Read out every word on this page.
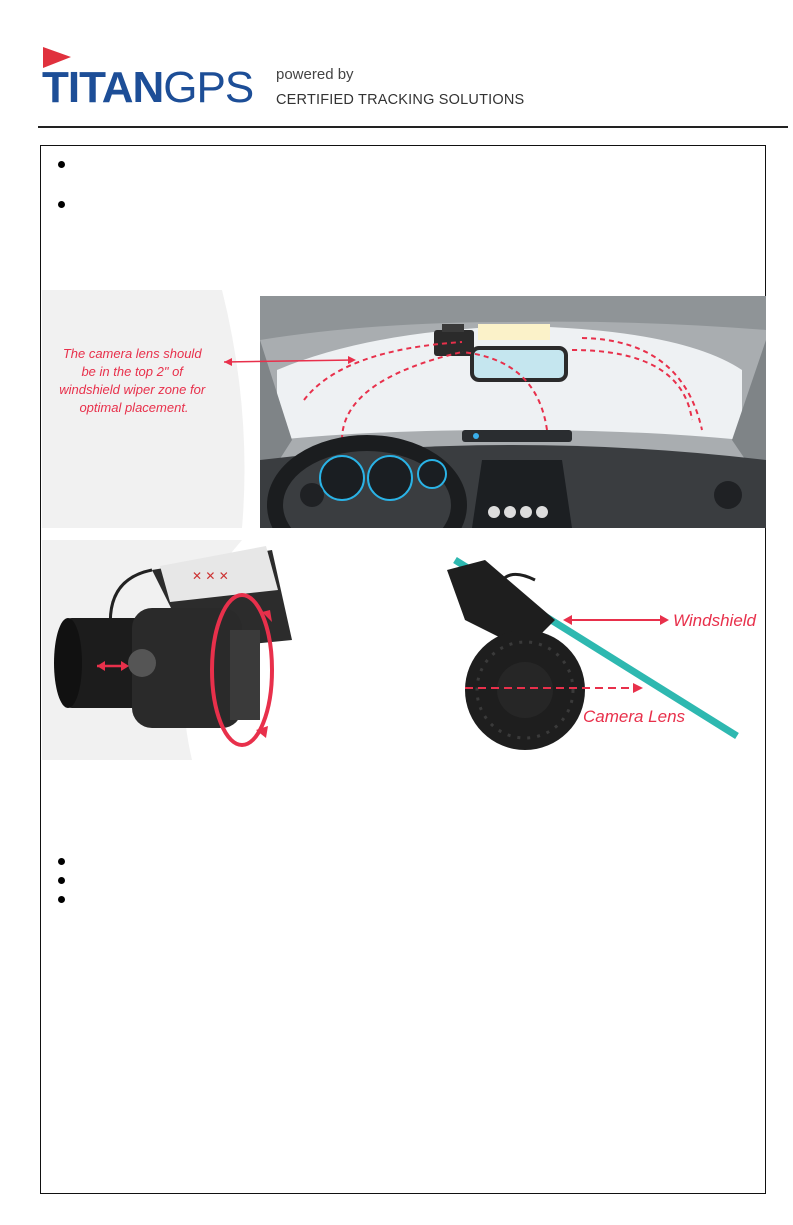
TITANGPS powered by
CERTIFIED TRACKING SOLUTIONS
The camera lens should be in the top 2" of windshield wiper zone for optimal placement.
✕ ✕ ✕
Windshield
Camera Lens
